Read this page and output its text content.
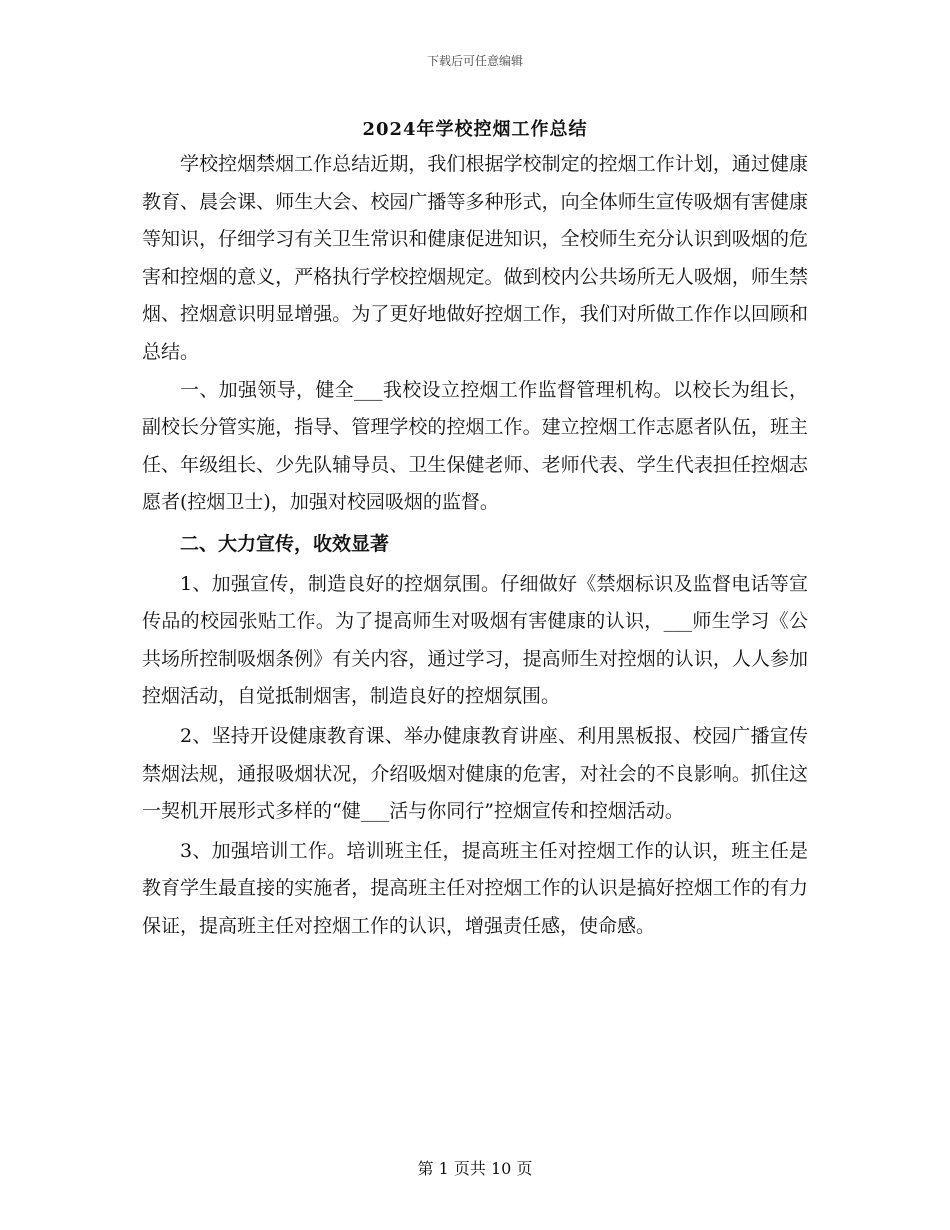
下载后可任意编辑
2024年学校控烟工作总结

学校控烟禁烟工作总结近期，我们根据学校制定的控烟工作计划，通过健康教育、晨会课、师生大会、校园广播等多种形式，向全体师生宣传吸烟有害健康等知识，仔细学习有关卫生常识和健康促进知识，全校师生充分认识到吸烟的危害和控烟的意义，严格执行学校控烟规定。做到校内公共场所无人吸烟，师生禁烟、控烟意识明显增强。为了更好地做好控烟工作，我们对所做工作作以回顾和总结。

一、加强领导，健全___我校设立控烟工作监督管理机构。以校长为组长，副校长分管实施，指导、管理学校的控烟工作。建立控烟工作志愿者队伍，班主任、年级组长、少先队辅导员、卫生保健老师、老师代表、学生代表担任控烟志愿者(控烟卫士)，加强对校园吸烟的监督。

二、大力宣传，收效显著

1、加强宣传，制造良好的控烟氛围。仔细做好《禁烟标识及监督电话等宣传品的校园张贴工作。为了提高师生对吸烟有害健康的认识，___师生学习《公共场所控制吸烟条例》有关内容，通过学习，提高师生对控烟的认识，人人参加控烟活动，自觉抵制烟害，制造良好的控烟氛围。

2、坚持开设健康教育课、举办健康教育讲座、利用黑板报、校园广播宣传禁烟法规，通报吸烟状况，介绍吸烟对健康的危害，对社会的不良影响。抓住这一契机开展形式多样的“健___活与你同行”控烟宣传和控烟活动。

3、加强培训工作。培训班主任，提高班主任对控烟工作的认识，班主任是教育学生最直接的实施者，提高班主任对控烟工作的认识是搞好控烟工作的有力保证，提高班主任对控烟工作的认识，增强责任感，使命感。

第 1 页共 10 页
